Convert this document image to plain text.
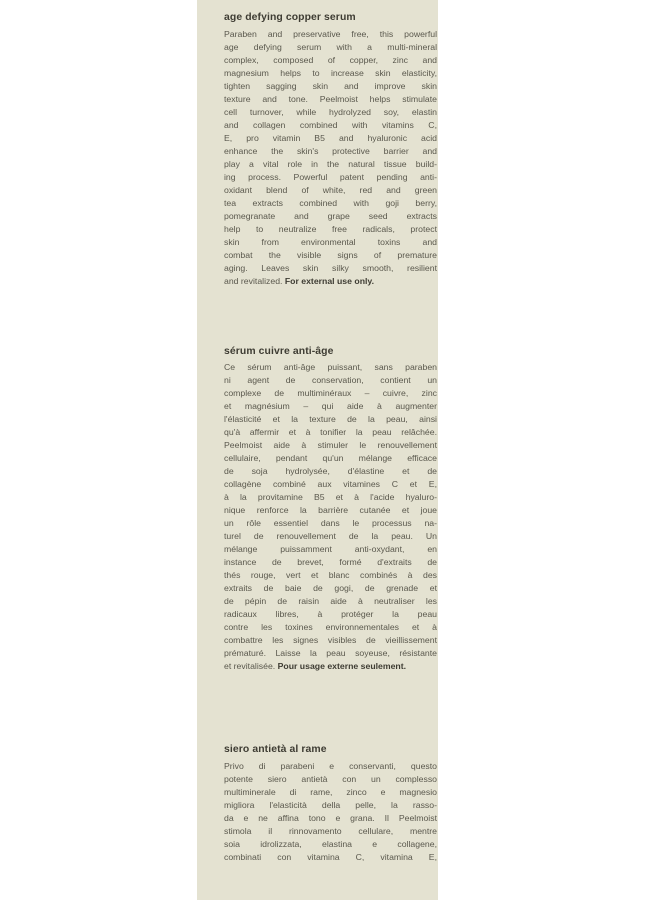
age defying copper serum
Paraben and preservative free, this powerful
age defying serum with a multi-mineral
complex, composed of copper, zinc and
magnesium helps to increase skin elasticity,
tighten sagging skin and improve skin
texture and tone. Peelmoist helps stimulate
cell turnover, while hydrolyzed soy, elastin
and collagen combined with vitamins C,
E, pro vitamin B5 and hyaluronic acid
enhance the skin's protective barrier and
play a vital role in the natural tissue build-
ing process. Powerful patent pending anti-
oxidant blend of white, red and green
tea extracts combined with goji berry,
pomegranate and grape seed extracts
help to neutralize free radicals, protect
skin from environmental toxins and
combat the visible signs of premature
aging. Leaves skin silky smooth, resilient
and revitalized. For external use only.
sérum cuivre anti-âge
Ce sérum anti-âge puissant, sans paraben
ni agent de conservation, contient un
complexe de multiminéraux – cuivre, zinc
et magnésium – qui aide à augmenter
l'élasticité et la texture de la peau, ainsi
qu'à affermir et à tonifier la peau relâchée.
Peelmoist aide à stimuler le renouvellement
cellulaire, pendant qu'un mélange efficace
de soja hydrolysée, d'élastine et de
collagène combiné aux vitamines C et E,
à la provitamine B5 et à l'acide hyaluro-
nique renforce la barrière cutanée et joue
un rôle essentiel dans le processus na-
turel de renouvellement de la peau. Un
mélange puissamment anti-oxydant, en
instance de brevet, formé d'extraits de
thés rouge, vert et blanc combinés à des
extraits de baie de gogi, de grenade et
de pépin de raisin aide à neutraliser les
radicaux libres, à protéger la peau
contre les toxines environnementales et à
combattre les signes visibles de vieillissement
prématuré. Laisse la peau soyeuse, résistante
et revitalisée. Pour usage externe seulement.
siero antietà al rame
Privo di parabeni e conservanti, questo
potente siero antietà con un complesso
multiminerale di rame, zinco e magnesio
migliora l'elasticità della pelle, la rasso-
da e ne affina tono e grana. Il Peelmoist
stimola il rinnovamento cellulare, mentre
soia idrolizzata, elastina e collagene,
combinati con vitamina C, vitamina E,
